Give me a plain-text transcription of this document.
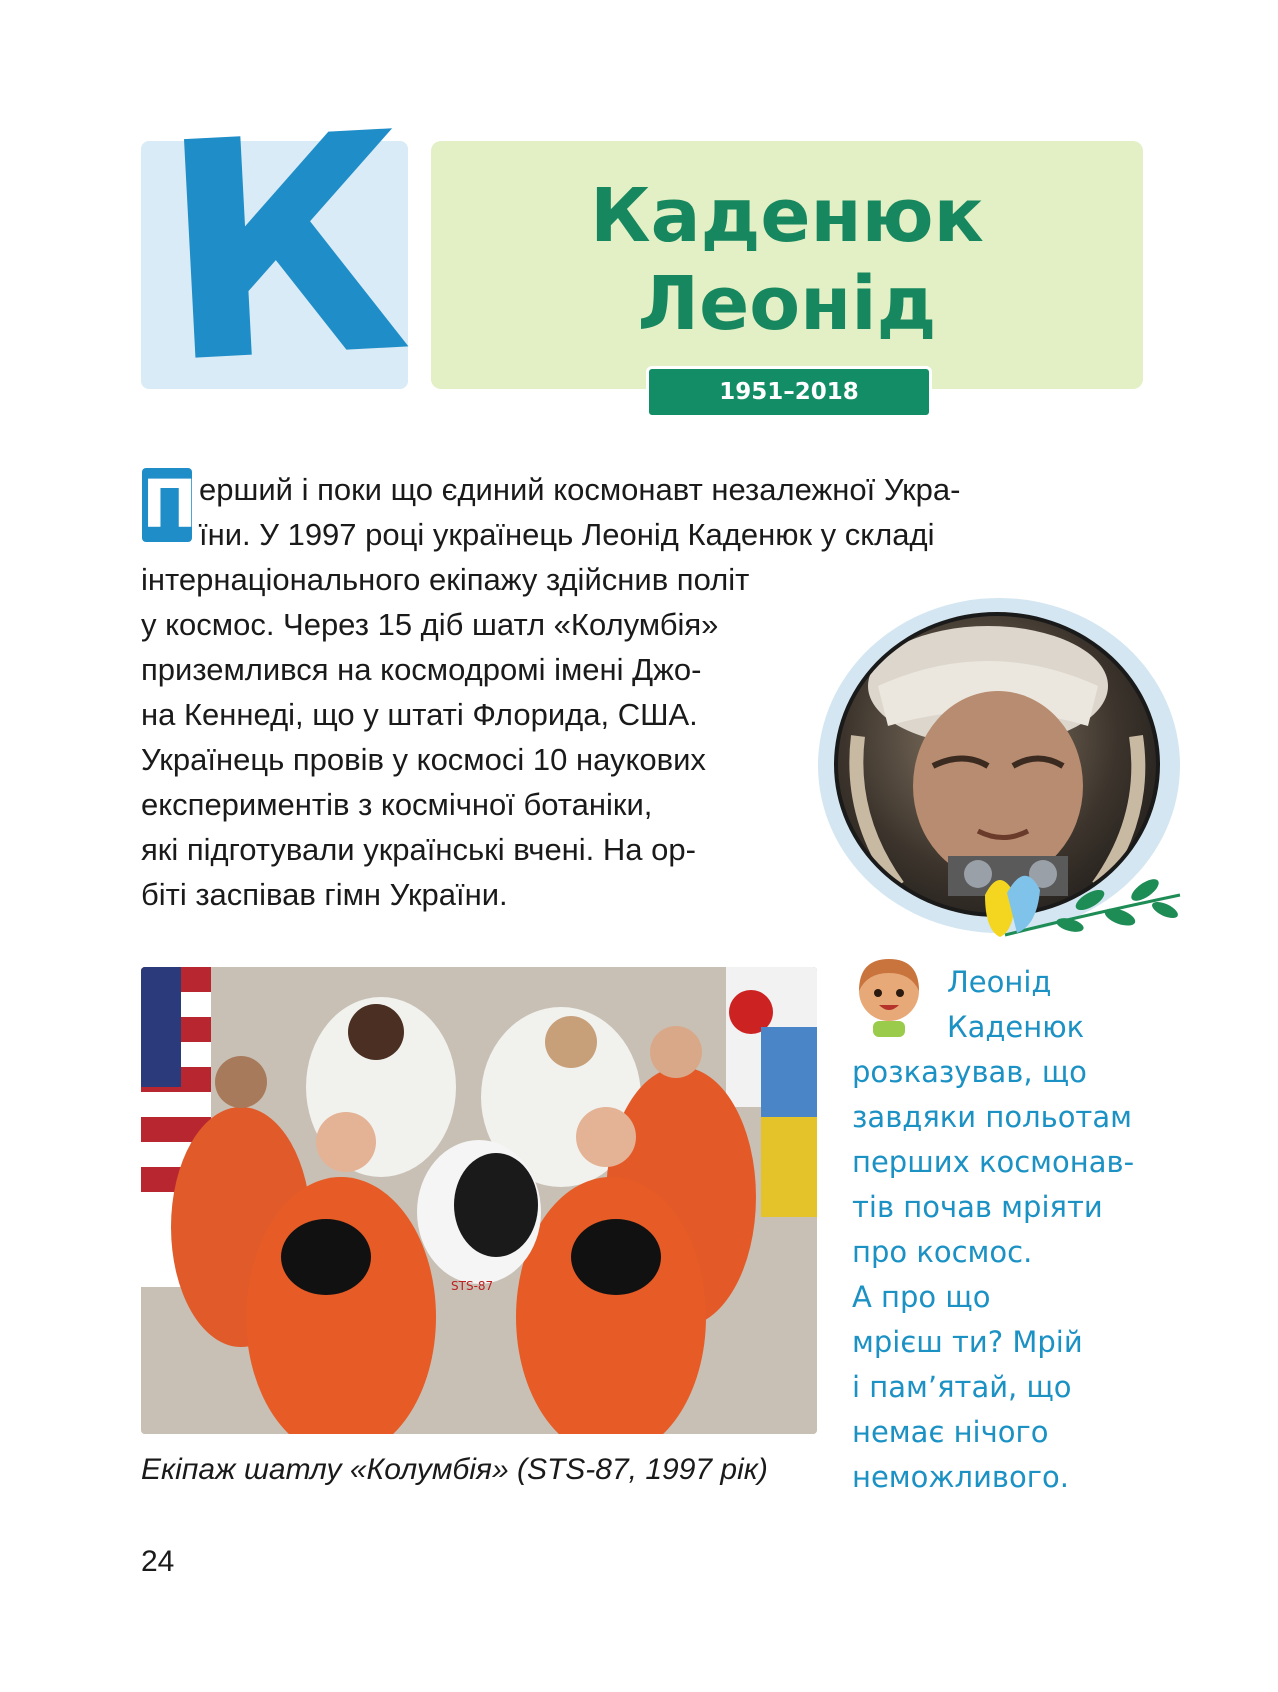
К	Каденюк
Леонід
1951–2018
П ерший і поки що єдиний космонавт незалежної Укра-

їни. У 1997 році українець Леонід Каденюк у складі

інтернаціонального екіпажу здійснив політ

у космос. Через 15 діб шатл «Колумбія»

приземлився на космодромі імені Джо-

на Кеннеді, що у штаті Флорида, США.

Українець провів у космосі 10 наукових

експериментів з космічної ботаніки,

які підготували українські вчені. На ор-

біті заспівав гімн України.

STS-87
Екіпаж шатлу «Колумбія» (STS-87, 1997 рік)
Леонід
Каденюк
розказував, що
завдяки польотам
перших космонав-
тів почав мріяти
про космос.
А про що
мрієш ти? Мрій
і пам’ятай, що
немає нічого
неможливого.
24
